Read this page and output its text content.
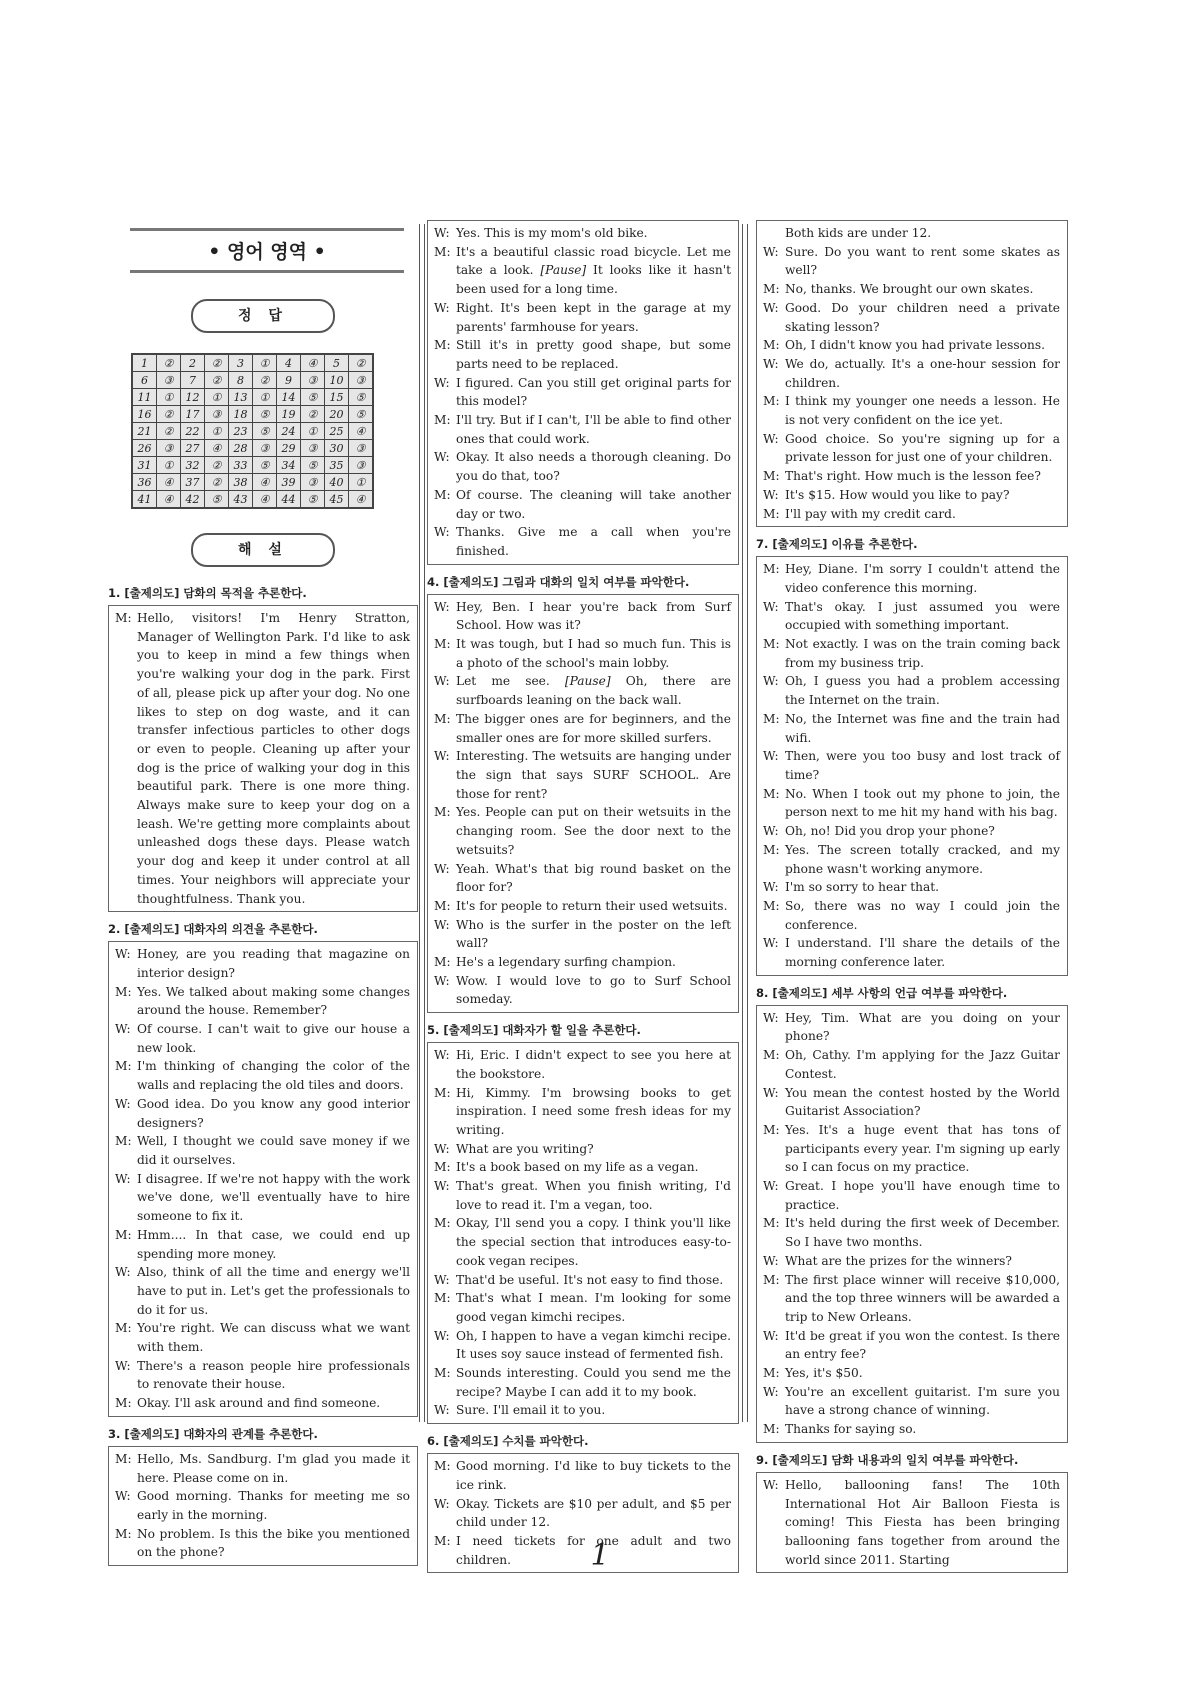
• 영어 영역 •
정 답
1	②	2	②	3	①	4	④	5	②
6	③	7	②	8	②	9	③	10	③
11	①	12	①	13	①	14	⑤	15	⑤
16	②	17	③	18	⑤	19	②	20	⑤
21	②	22	①	23	⑤	24	①	25	④
26	③	27	④	28	③	29	③	30	③
31	①	32	②	33	⑤	34	⑤	35	③
36	④	37	②	38	④	39	③	40	①
41	④	42	⑤	43	④	44	⑤	45	④
해 설
1. [출제의도] 담화의 목적을 추론한다.
M: Hello, visitors! I'm Henry Stratton, Manager of Wellington Park. I'd like to ask you to keep in mind a few things when you're walking your dog in the park. First of all, please pick up after your dog. No one likes to step on dog waste, and it can transfer infectious particles to other dogs or even to people. Cleaning up after your dog is the price of walking your dog in this beautiful park. There is one more thing. Always make sure to keep your dog on a leash. We're getting more complaints about unleashed dogs these days. Please watch your dog and keep it under control at all times. Your neighbors will appreciate your thoughtfulness. Thank you.
2. [출제의도] 대화자의 의견을 추론한다.
W: Honey, are you reading that magazine on interior design?
M: Yes. We talked about making some changes around the house. Remember?
W: Of course. I can't wait to give our house a new look.
M: I'm thinking of changing the color of the walls and replacing the old tiles and doors.
W: Good idea. Do you know any good interior designers?
M: Well, I thought we could save money if we did it ourselves.
W: I disagree. If we're not happy with the work we've done, we'll eventually have to hire someone to fix it.
M: Hmm.... In that case, we could end up spending more money.
W: Also, think of all the time and energy we'll have to put in. Let's get the professionals to do it for us.
M: You're right. We can discuss what we want with them.
W: There's a reason people hire professionals to renovate their house.
M: Okay. I'll ask around and find someone.
3. [출제의도] 대화자의 관계를 추론한다.
M: Hello, Ms. Sandburg. I'm glad you made it here. Please come on in.
W: Good morning. Thanks for meeting me so early in the morning.
M: No problem. Is this the bike you mentioned on the phone?
W: Yes. This is my mom's old bike.
M: It's a beautiful classic road bicycle. Let me take a look. [Pause] It looks like it hasn't been used for a long time.
W: Right. It's been kept in the garage at my parents' farmhouse for years.
M: Still it's in pretty good shape, but some parts need to be replaced.
W: I figured. Can you still get original parts for this model?
M: I'll try. But if I can't, I'll be able to find other ones that could work.
W: Okay. It also needs a thorough cleaning. Do you do that, too?
M: Of course. The cleaning will take another day or two.
W: Thanks. Give me a call when you're finished.
4. [출제의도] 그림과 대화의 일치 여부를 파악한다.
W: Hey, Ben. I hear you're back from Surf School. How was it?
M: It was tough, but I had so much fun. This is a photo of the school's main lobby.
W: Let me see. [Pause] Oh, there are surfboards leaning on the back wall.
M: The bigger ones are for beginners, and the smaller ones are for more skilled surfers.
W: Interesting. The wetsuits are hanging under the sign that says SURF SCHOOL. Are those for rent?
M: Yes. People can put on their wetsuits in the changing room. See the door next to the wetsuits?
W: Yeah. What's that big round basket on the floor for?
M: It's for people to return their used wetsuits.
W: Who is the surfer in the poster on the left wall?
M: He's a legendary surfing champion.
W: Wow. I would love to go to Surf School someday.
5. [출제의도] 대화자가 할 일을 추론한다.
W: Hi, Eric. I didn't expect to see you here at the bookstore.
M: Hi, Kimmy. I'm browsing books to get inspiration. I need some fresh ideas for my writing.
W: What are you writing?
M: It's a book based on my life as a vegan.
W: That's great. When you finish writing, I'd love to read it. I'm a vegan, too.
M: Okay, I'll send you a copy. I think you'll like the special section that introduces easy-to-cook vegan recipes.
W: That'd be useful. It's not easy to find those.
M: That's what I mean. I'm looking for some good vegan kimchi recipes.
W: Oh, I happen to have a vegan kimchi recipe. It uses soy sauce instead of fermented fish.
M: Sounds interesting. Could you send me the recipe? Maybe I can add it to my book.
W: Sure. I'll email it to you.
6. [출제의도] 수치를 파악한다.
M: Good morning. I'd like to buy tickets to the ice rink.
W: Okay. Tickets are $10 per adult, and $5 per child under 12.
M: I need tickets for one adult and two children.
Both kids are under 12.
W: Sure. Do you want to rent some skates as well?
M: No, thanks. We brought our own skates.
W: Good. Do your children need a private skating lesson?
M: Oh, I didn't know you had private lessons.
W: We do, actually. It's a one-hour session for children.
M: I think my younger one needs a lesson. He is not very confident on the ice yet.
W: Good choice. So you're signing up for a private lesson for just one of your children.
M: That's right. How much is the lesson fee?
W: It's $15. How would you like to pay?
M: I'll pay with my credit card.
7. [출제의도] 이유를 추론한다.
M: Hey, Diane. I'm sorry I couldn't attend the video conference this morning.
W: That's okay. I just assumed you were occupied with something important.
M: Not exactly. I was on the train coming back from my business trip.
W: Oh, I guess you had a problem accessing the Internet on the train.
M: No, the Internet was fine and the train had wifi.
W: Then, were you too busy and lost track of time?
M: No. When I took out my phone to join, the person next to me hit my hand with his bag.
W: Oh, no! Did you drop your phone?
M: Yes. The screen totally cracked, and my phone wasn't working anymore.
W: I'm so sorry to hear that.
M: So, there was no way I could join the conference.
W: I understand. I'll share the details of the morning conference later.
8. [출제의도] 세부 사항의 언급 여부를 파악한다.
W: Hey, Tim. What are you doing on your phone?
M: Oh, Cathy. I'm applying for the Jazz Guitar Contest.
W: You mean the contest hosted by the World Guitarist Association?
M: Yes. It's a huge event that has tons of participants every year. I'm signing up early so I can focus on my practice.
W: Great. I hope you'll have enough time to practice.
M: It's held during the first week of December. So I have two months.
W: What are the prizes for the winners?
M: The first place winner will receive $10,000, and the top three winners will be awarded a trip to New Orleans.
W: It'd be great if you won the contest. Is there an entry fee?
M: Yes, it's $50.
W: You're an excellent guitarist. I'm sure you have a strong chance of winning.
M: Thanks for saying so.
9. [출제의도] 담화 내용과의 일치 여부를 파악한다.
W: Hello, ballooning fans! The 10th International Hot Air Balloon Fiesta is coming! This Fiesta has been bringing ballooning fans together from around the world since 2011. Starting
1
